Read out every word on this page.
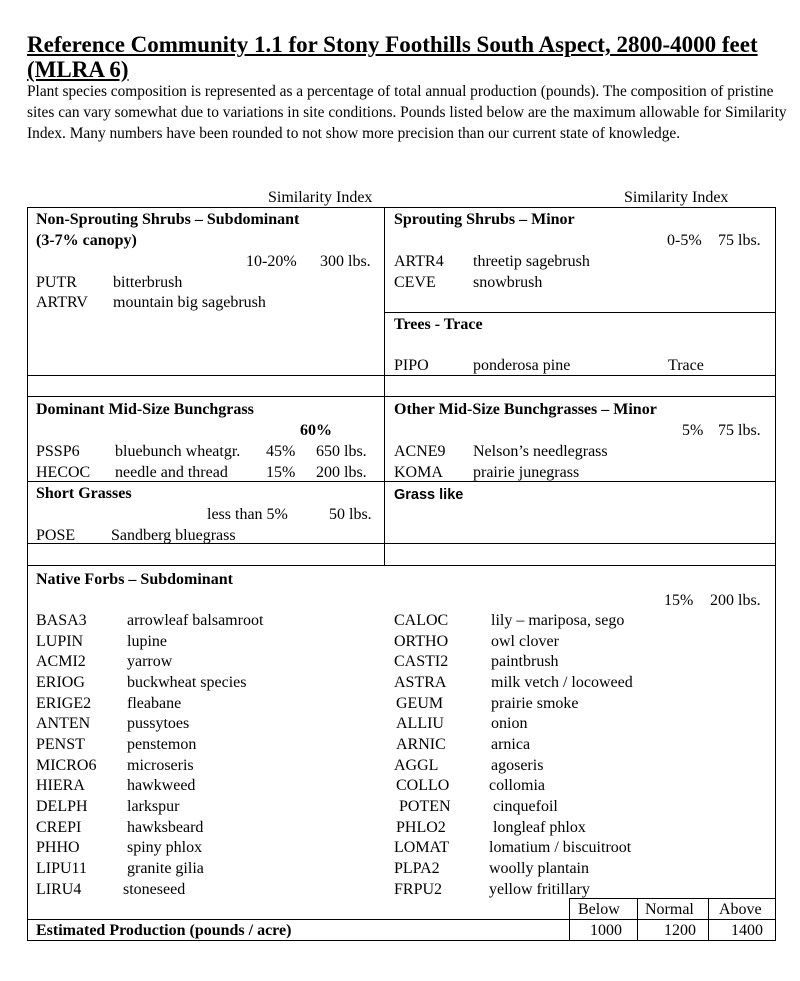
Reference Community 1.1 for Stony Foothills South Aspect, 2800-4000 feet (MLRA 6)
Plant species composition is represented as a percentage of total annual production (pounds). The composition of pristine sites can vary somewhat due to variations in site conditions. Pounds listed below are the maximum allowable for Similarity Index. Many numbers have been rounded to not show more precision than our current state of knowledge.
Similarity Index	Similarity Index
Non-Sprouting Shrubs – Subdominant
(3-7% canopy)
10-20% 300 lbs.
PUTR bitterbrush
ARTRV mountain big sagebrush
Sprouting Shrubs – Minor
0-5% 75 lbs.
ARTR4 threetip sagebrush
CEVE snowbrush
Trees - Trace
PIPO	ponderosa pine	Trace
Dominant Mid-Size Bunchgrass
60%
PSSP6 bluebunch wheatgr. 45% 650 lbs.
HECOC needle and thread 15% 200 lbs.
Other Mid-Size Bunchgrasses – Minor
5% 75 lbs.
ACNE9 Nelson’s needlegrass
KOMA prairie junegrass
Short Grasses
less than 5%	50 lbs.
POSE Sandberg bluegrass
Grass like
Native Forbs – Subdominant
15% 200 lbs.
BASA3	arrowleaf balsamroot
LUPIN	lupine
ACMI2	yarrow
ERIOG	buckwheat species
ERIGE2 fleabane
ANTEN pussytoes
PENST	penstemon
MICRO6 microseris
HIERA	hawkweed
DELPH larkspur
CREPI	hawksbeard
PHHO	spiny phlox
LIPU11	granite gilia
LIRU4	stoneseed
CALOC	lily – mariposa, sego
ORTHO	owl clover
CASTI2	paintbrush
ASTRA	milk vetch / locoweed
GEUM	prairie smoke
ALLIU	onion
ARNIC	arnica
AGGL	agoseris
COLLO collomia
POTEN	cinquefoil
PHLO2	longleaf phlox
LOMAT lomatium / biscuitroot
PLPA2	woolly plantain
FRPU2	yellow fritillary
Below Normal Above
Estimated Production (pounds / acre)	1000	1200 1400
